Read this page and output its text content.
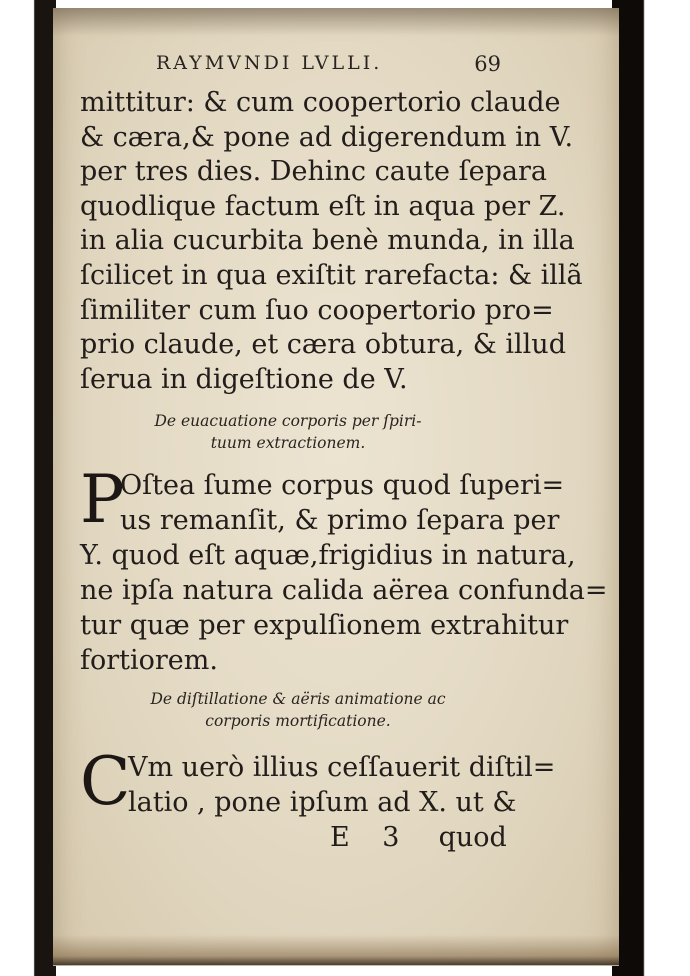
RAYMVNDI LVLLI.	69
mittitur: & cum coopertorio claude
& cæra,& pone ad digerendum in V.
per tres dies. Dehinc caute ſepara
quodlique factum eſt in aqua per Z.
in alia cucurbita benè munda, in illa
ſcilicet in qua exiſtit rarefacta: & illã
ſimiliter cum ſuo coopertorio pro=
prio claude, et cæra obtura, & illud
ſerua in digeſtione de V.
De euacuatione corporis per ſpiri-
tuum extractionem.
P
Oſtea ſume corpus quod ſuperi=
us remanſit, & primo ſepara per
Y. quod eſt aquæ,frigidius in natura,
ne ipſa natura calida aërea confunda=
tur quæ per expulſionem extrahitur
fortiorem.
De diſtillatione & aëris animatione ac
corporis mortificatione.
C
Vm uerò illius ceſſauerit diſtil=
latio , pone ipſum ad X. ut &
E 3 quod
